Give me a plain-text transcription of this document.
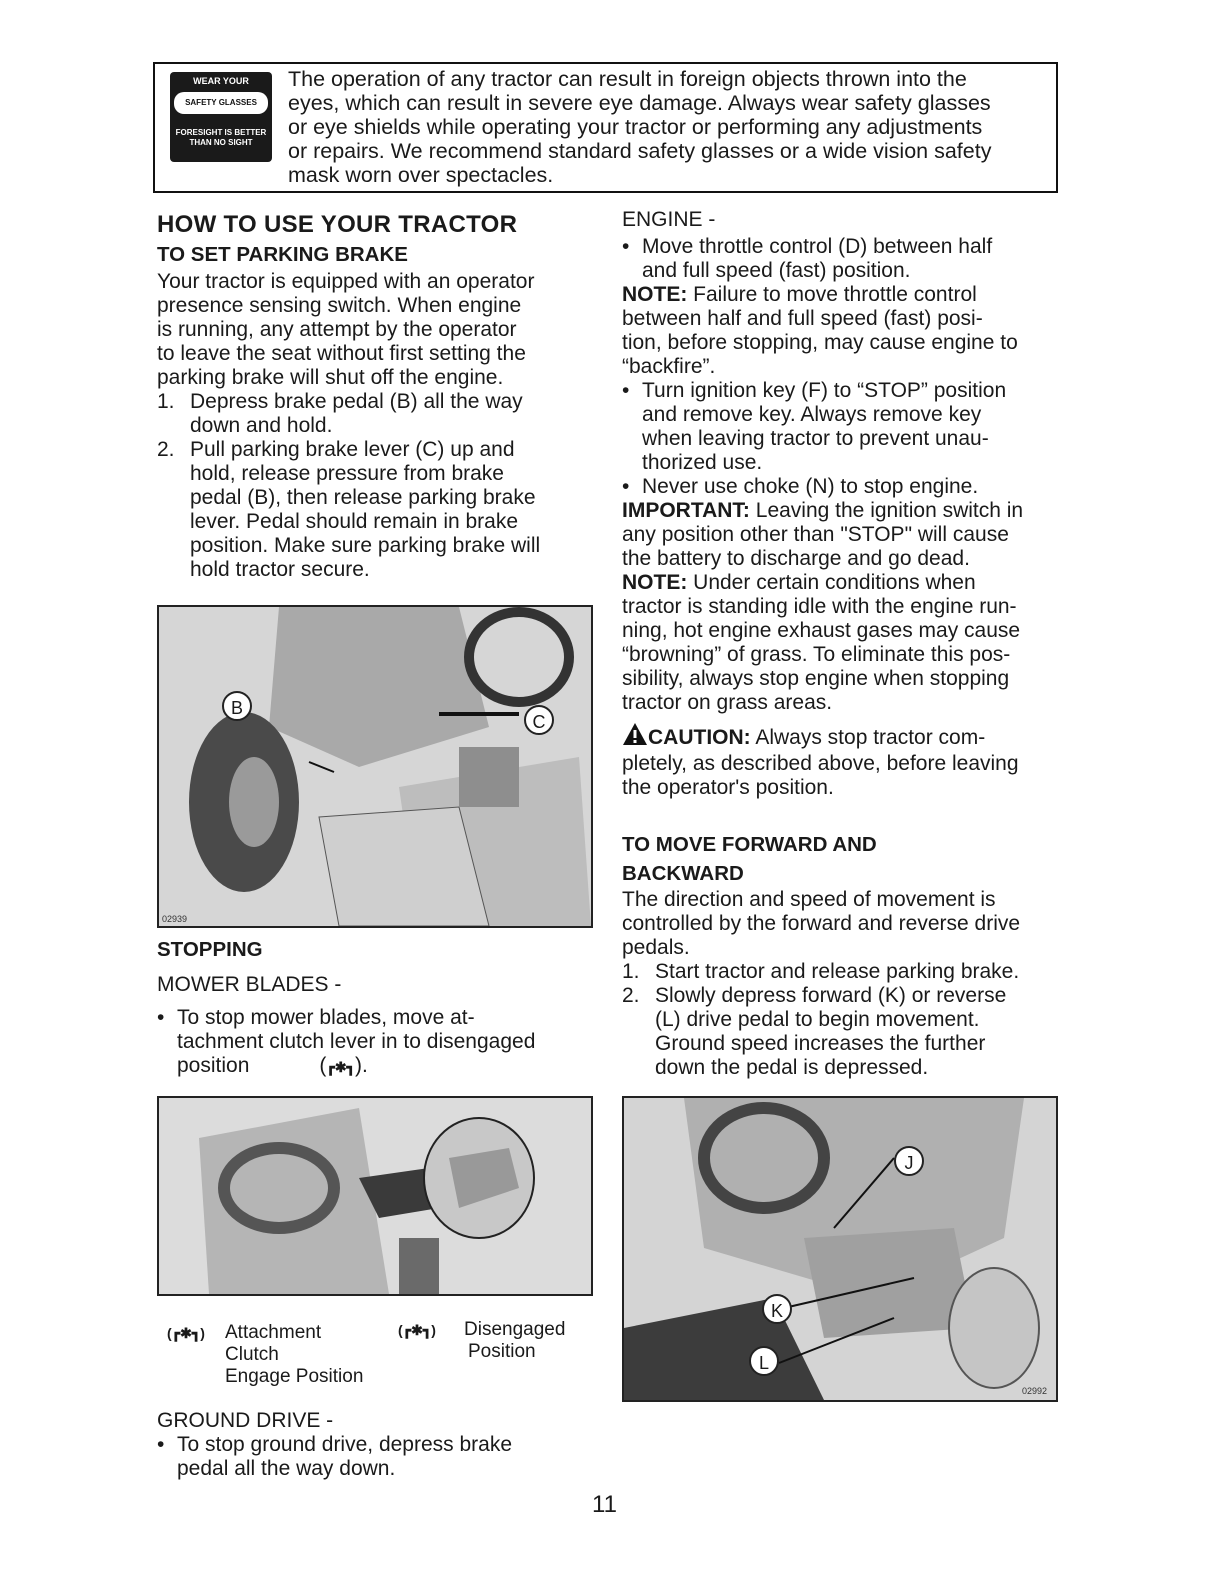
WEAR YOUR
SAFETY GLASSES
FORESIGHT IS BETTER THAN NO SIGHT

The operation of any tractor can result in foreign objects thrown into the

eyes, which can result in severe eye damage. Always wear safety glasses

or eye shields while operating your tractor or performing any adjustments

or repairs. We recommend standard safety glasses or a wide vision safety

mask worn over spectacles.

HOW TO USE YOUR TRACTOR
TO SET PARKING BRAKE
Your tractor is equipped with an operator
presence sensing switch. When engine
is running, any attempt by the operator
to leave the seat without first setting the
parking brake will shut off the engine.
1. Depress brake pedal (B) all the way
down and hold.
2. Pull parking brake lever (C) up and
hold, release pressure from brake
pedal (B), then release parking brake
lever. Pedal should remain in brake
position. Make sure parking brake will
hold tractor secure.
B
C
02939
STOPPING
MOWER BLADES -
• To stop mower blades, move at-
tachment clutch lever in to disengaged
position	(┏✱┓).
(┏✱┓) Attachment
Clutch
Engage Position
(┏✱┓) Disengaged
Position
GROUND DRIVE -
• To stop ground drive, depress brake
pedal all the way down.
ENGINE -
• Move throttle control (D) between half
and full speed (fast) position.
NOTE: Failure to move throttle control
between half and full speed (fast) posi-
tion, before stopping, may cause engine to
“backfire”.
• Turn ignition key (F) to “STOP” position
and remove key. Always remove key
when leaving tractor to prevent unau-
thorized use.
• Never use choke (N) to stop engine.
IMPORTANT: Leaving the ignition switch in
any position other than "STOP" will cause
the battery to discharge and go dead.
NOTE: Under certain conditions when
tractor is standing idle with the engine run-
ning, hot engine exhaust gases may cause
“browning” of grass. To eliminate this pos-
sibility, always stop engine when stopping
tractor on grass areas.
CAUTION: Always stop tractor com-
pletely, as described above, before leaving
the operator's position.
TO MOVE FORWARD AND
BACKWARD
The direction and speed of movement is
controlled by the forward and reverse drive
pedals.
1. Start tractor and release parking brake.
2. Slowly depress forward (K) or reverse
(L) drive pedal to begin movement.
Ground speed increases the further
down the pedal is depressed.
J
K
L
02992
11
